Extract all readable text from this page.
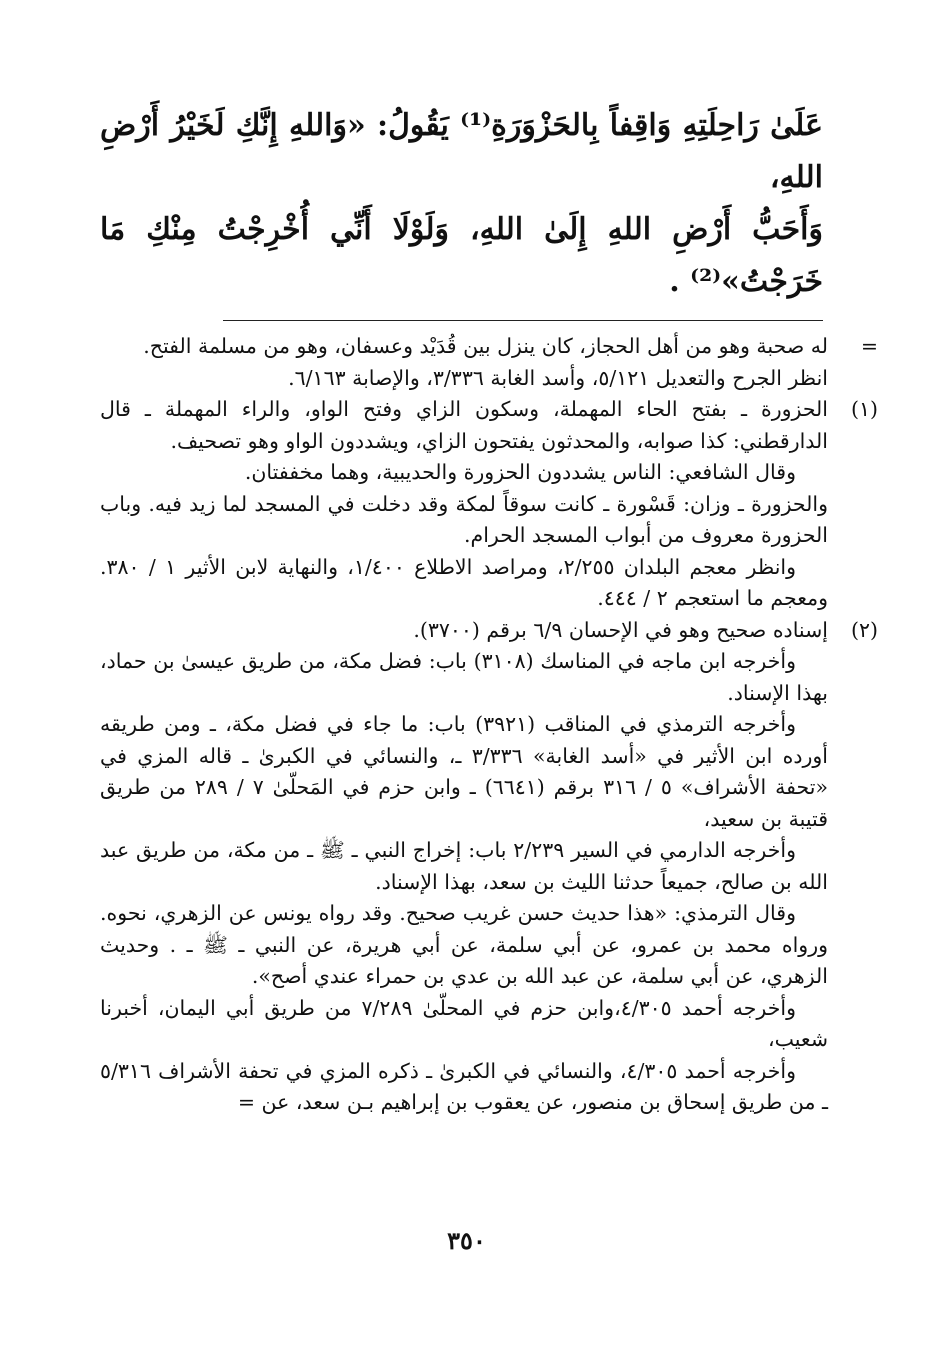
عَلَىٰ رَاحِلَتِهِ وَاقِفاً بِالحَزْوَرَةِ⁽¹⁾ يَقُولُ: «وَاللهِ إِنَّكِ لَخَيْرُ أَرْضِ اللهِ،

وَأَحَبُّ أَرْضِ اللهِ إِلَىٰ اللهِ، وَلَوْلَا أَنِّي أُخْرِجْتُ مِنْكِ مَا خَرَجْتُ»⁽²⁾ .

=

له صحبة وهو من أهل الحجاز، كان ينزل بين قُدَيْد وعسفان، وهو من مسلمة الفتح.

انظر الجرح والتعديل ٥/١٢١، وأسد الغابة ٣/٣٣٦، والإصابة ٦/١٦٣.

(١)

الحزورة ـ بفتح الحاء المهملة، وسكون الزاي وفتح الواو، والراء المهملة ـ قال الدارقطني: كذا صوابه، والمحدثون يفتحون الزاي، ويشددون الواو وهو تصحيف.

وقال الشافعي: الناس يشددون الحزورة والحديبية، وهما مخففتان.

والحزورة ـ وزان: قَسْورة ـ كانت سوقاً لمكة وقد دخلت في المسجد لما زيد فيه. وباب الحزورة معروف من أبواب المسجد الحرام.

وانظر معجم البلدان ٢/٢٥٥، ومراصد الاطلاع ١/٤٠٠، والنهاية لابن الأثير ١ / ٣٨٠. ومعجم ما استعجم ٢ / ٤٤٤.

(٢)

إسناده صحيح وهو في الإحسان ٦/٩ برقم (٣٧٠٠).

وأخرجه ابن ماجه في المناسك (٣١٠٨) باب: فضل مكة، من طريق عيسىٰ بن حماد، بهذا الإسناد.

وأخرجه الترمذي في المناقب (٣٩٢١) باب: ما جاء في فضل مكة، ـ ومن طريقه أورده ابن الأثير في «أسد الغابة» ٣/٣٣٦ ـ، والنسائي في الكبرىٰ ـ قاله المزي في «تحفة الأشراف» ٥ / ٣١٦ برقم (٦٦٤١) ـ وابن حزم في المَحلّىٰ ٧ / ٢٨٩ من طريق قتيبة بن سعيد،

وأخرجه الدارمي في السير ٢/٢٣٩ باب: إخراج النبي ـ ﷺ ـ من مكة، من طريق عبد الله بن صالح، جميعاً حدثنا الليث بن سعد، بهذا الإسناد.

وقال الترمذي: «هذا حديث حسن غريب صحيح. وقد رواه يونس عن الزهري، نحوه. ورواه محمد بن عمرو، عن أبي سلمة، عن أبي هريرة، عن النبي ـ ﷺ ـ . وحديث الزهري، عن أبي سلمة، عن عبد الله بن عدي بن حمراء عندي أصح».

وأخرجه أحمد ٤/٣٠٥،وابن حزم في المحلّىٰ ٧/٢٨٩ من طريق أبي اليمان، أخبرنا شعيب،

وأخرجه أحمد ٤/٣٠٥، والنسائي في الكبرىٰ ـ ذكره المزي في تحفة الأشراف ٥/٣١٦ ـ من طريق إسحاق بن منصور، عن يعقوب بن إبراهيم بـن سعد، عن =

٣٥٠
